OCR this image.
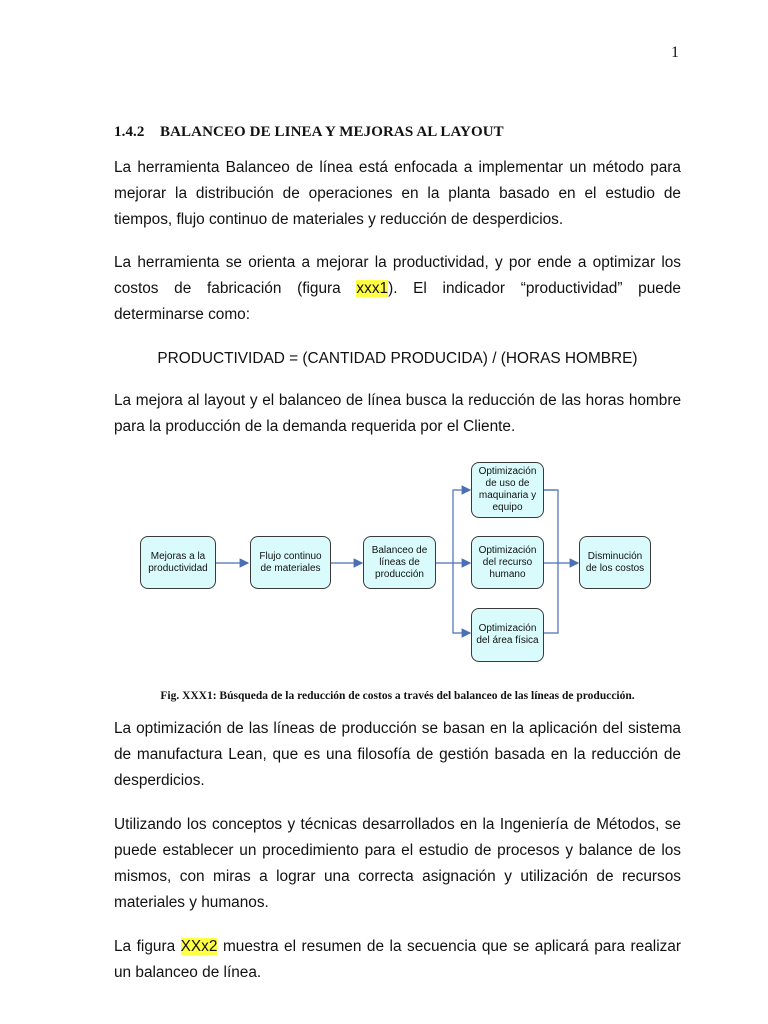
1
1.4.2 BALANCEO DE LINEA Y MEJORAS AL LAYOUT

La herramienta Balanceo de línea está enfocada a implementar un método para mejorar la distribución de operaciones en la planta basado en el estudio de tiempos, flujo continuo de materiales y reducción de desperdicios.

La herramienta se orienta a mejorar la productividad, y por ende a optimizar los costos de fabricación (figura xxx1). El indicador “productividad” puede determinarse como:

PRODUCTIVIDAD = (CANTIDAD PRODUCIDA) / (HORAS HOMBRE)

La mejora al layout y el balanceo de línea busca la reducción de las horas hombre para la producción de la demanda requerida por el Cliente.

Mejoras a la productividad
Flujo continuo de materiales
Balanceo de líneas de producción
Optimización de uso de maquinaria y equipo
Optimización del recurso humano
Optimización del área física
Disminución de los costos
Fig. XXX1: Búsqueda de la reducción de costos a través del balanceo de las líneas de producción.

La optimización de las líneas de producción se basan en la aplicación del sistema de manufactura Lean, que es una filosofía de gestión basada en la reducción de desperdicios.

Utilizando los conceptos y técnicas desarrollados en la Ingeniería de Métodos, se puede establecer un procedimiento para el estudio de procesos y balance de los mismos, con miras a lograr una correcta asignación y utilización de recursos materiales y humanos.

La figura XXx2 muestra el resumen de la secuencia que se aplicará para realizar un balanceo de línea.
